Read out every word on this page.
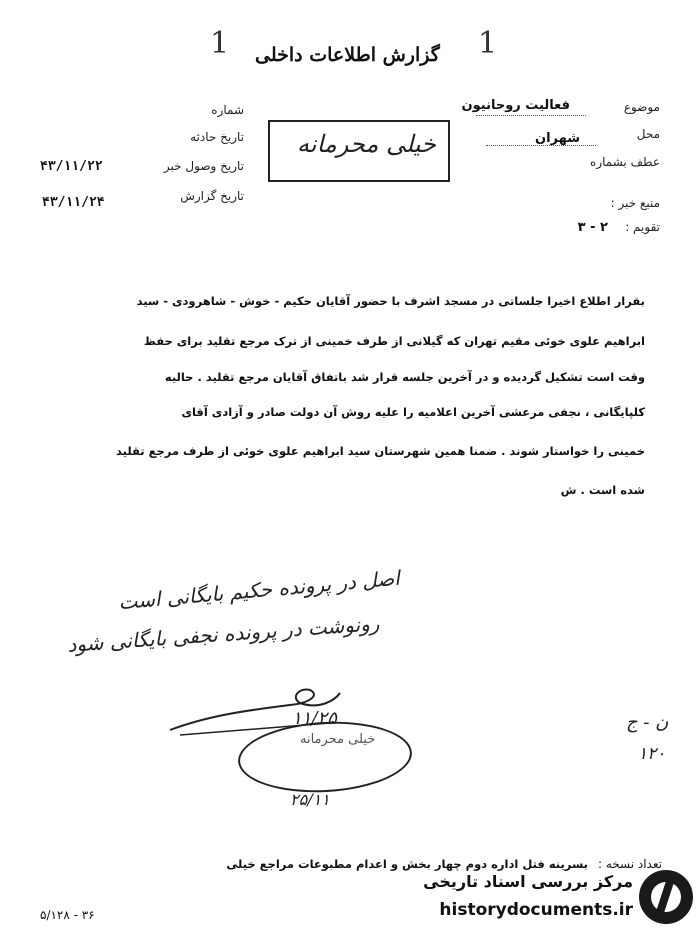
1	1
گزارش اطلاعات داخلی
موضوع
فعالیت روحانیون
محل
شهران
عطف بشماره
منبع خبر :
تقویم :
۳ - ۲
شماره
تاریخ حادثه
تاریخ وصول خبر
۴۳/۱۱/۲۲
تاریخ گزارش
۴۳/۱۱/۲۴
خیلی محرمانه
بقرار اطلاع اخیرا جلساتی در مسجد اشرف با حضور آقایان حکیم - خوش - شاهرودی - سید
ابراهیم علوی خوئی مقیم تهران که گیلانی از طرف خمینی از ترک مرجع تقلید برای حفظ
وقت است تشکیل گردیده و در آخرین جلسه قرار شد باتفاق آقایان مرجع تقلید . حالیه
کلپایگانی ، نجفی مرعشی آخرین اعلامیه را علیه روش آن دولت صادر و آزادی آقای
خمینی را خواستار شوند . ضمنا همین شهرستان سید ابراهیم علوی خوئی از طرف مرجع تقلید
شده است . ش
اصل در پرونده حکیم بایگانی است
رونوشت در پرونده نجفی بایگانی شود
۱۱/۲۵
خیلی محرمانه
۲۵/۱۱
ن - ج
۱۲۰
تعداد نسخه :
بسرینه فتل اداره دوم چهار بخش و اعدام مطبوعات مراجع خیلی
۵/۱۲۸ - ۳۶
مرکز بررسی اسناد تاریخی
historydocuments.ir
